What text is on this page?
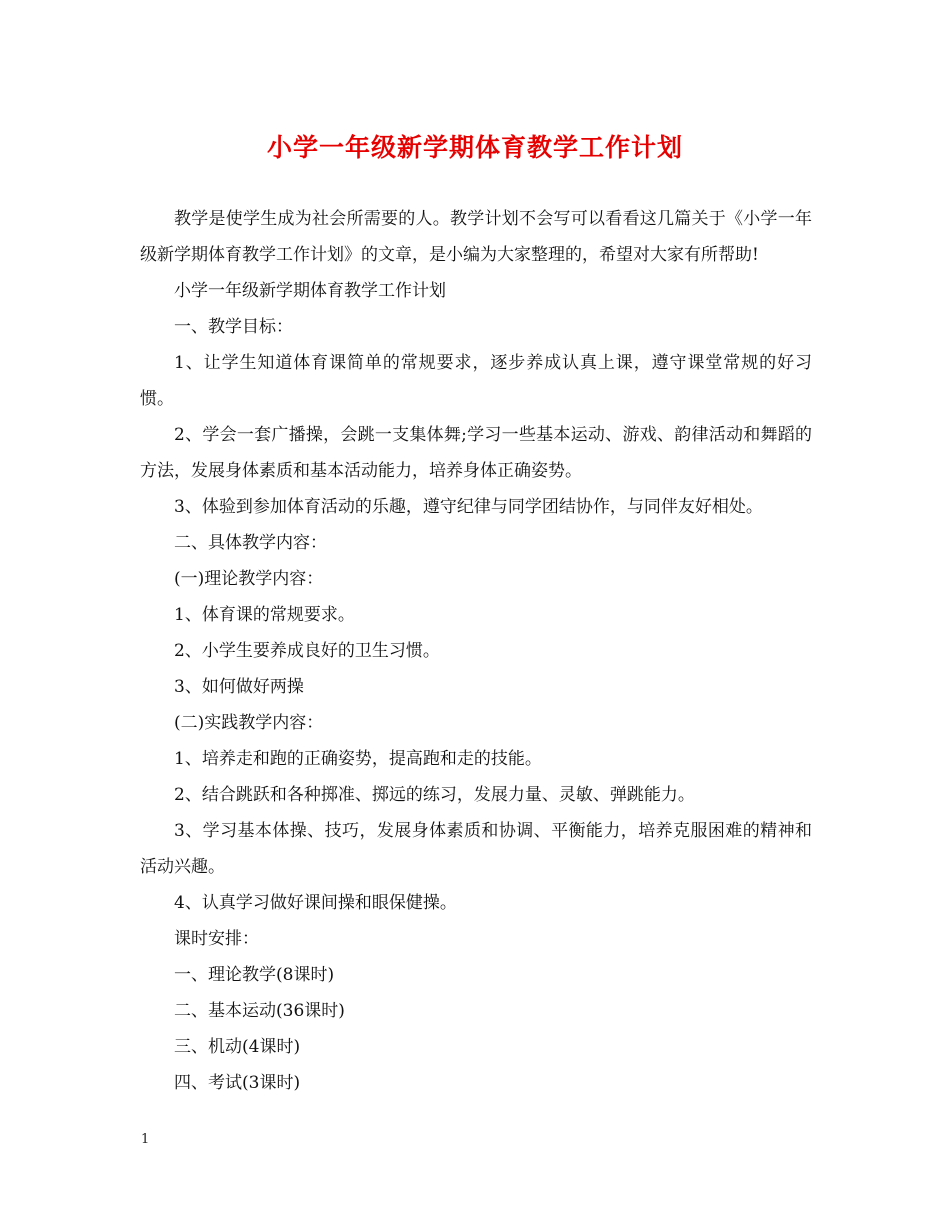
小学一年级新学期体育教学工作计划

教学是使学生成为社会所需要的人。教学计划不会写可以看看这几篇关于《小学一年级新学期体育教学工作计划》的文章，是小编为大家整理的，希望对大家有所帮助!

小学一年级新学期体育教学工作计划

一、教学目标：

1、让学生知道体育课简单的常规要求，逐步养成认真上课，遵守课堂常规的好习惯。

2、学会一套广播操，会跳一支集体舞;学习一些基本运动、游戏、韵律活动和舞蹈的方法，发展身体素质和基本活动能力，培养身体正确姿势。

3、体验到参加体育活动的乐趣，遵守纪律与同学团结协作，与同伴友好相处。

二、具体教学内容：

(一)理论教学内容：

1、体育课的常规要求。

2、小学生要养成良好的卫生习惯。

3、如何做好两操

(二)实践教学内容：

1、培养走和跑的正确姿势，提高跑和走的技能。

2、结合跳跃和各种掷准、掷远的练习，发展力量、灵敏、弹跳能力。

3、学习基本体操、技巧，发展身体素质和协调、平衡能力，培养克服困难的精神和活动兴趣。

4、认真学习做好课间操和眼保健操。

课时安排：

一、理论教学(8课时)

二、基本运动(36课时)

三、机动(4课时)

四、考试(3课时)

1
